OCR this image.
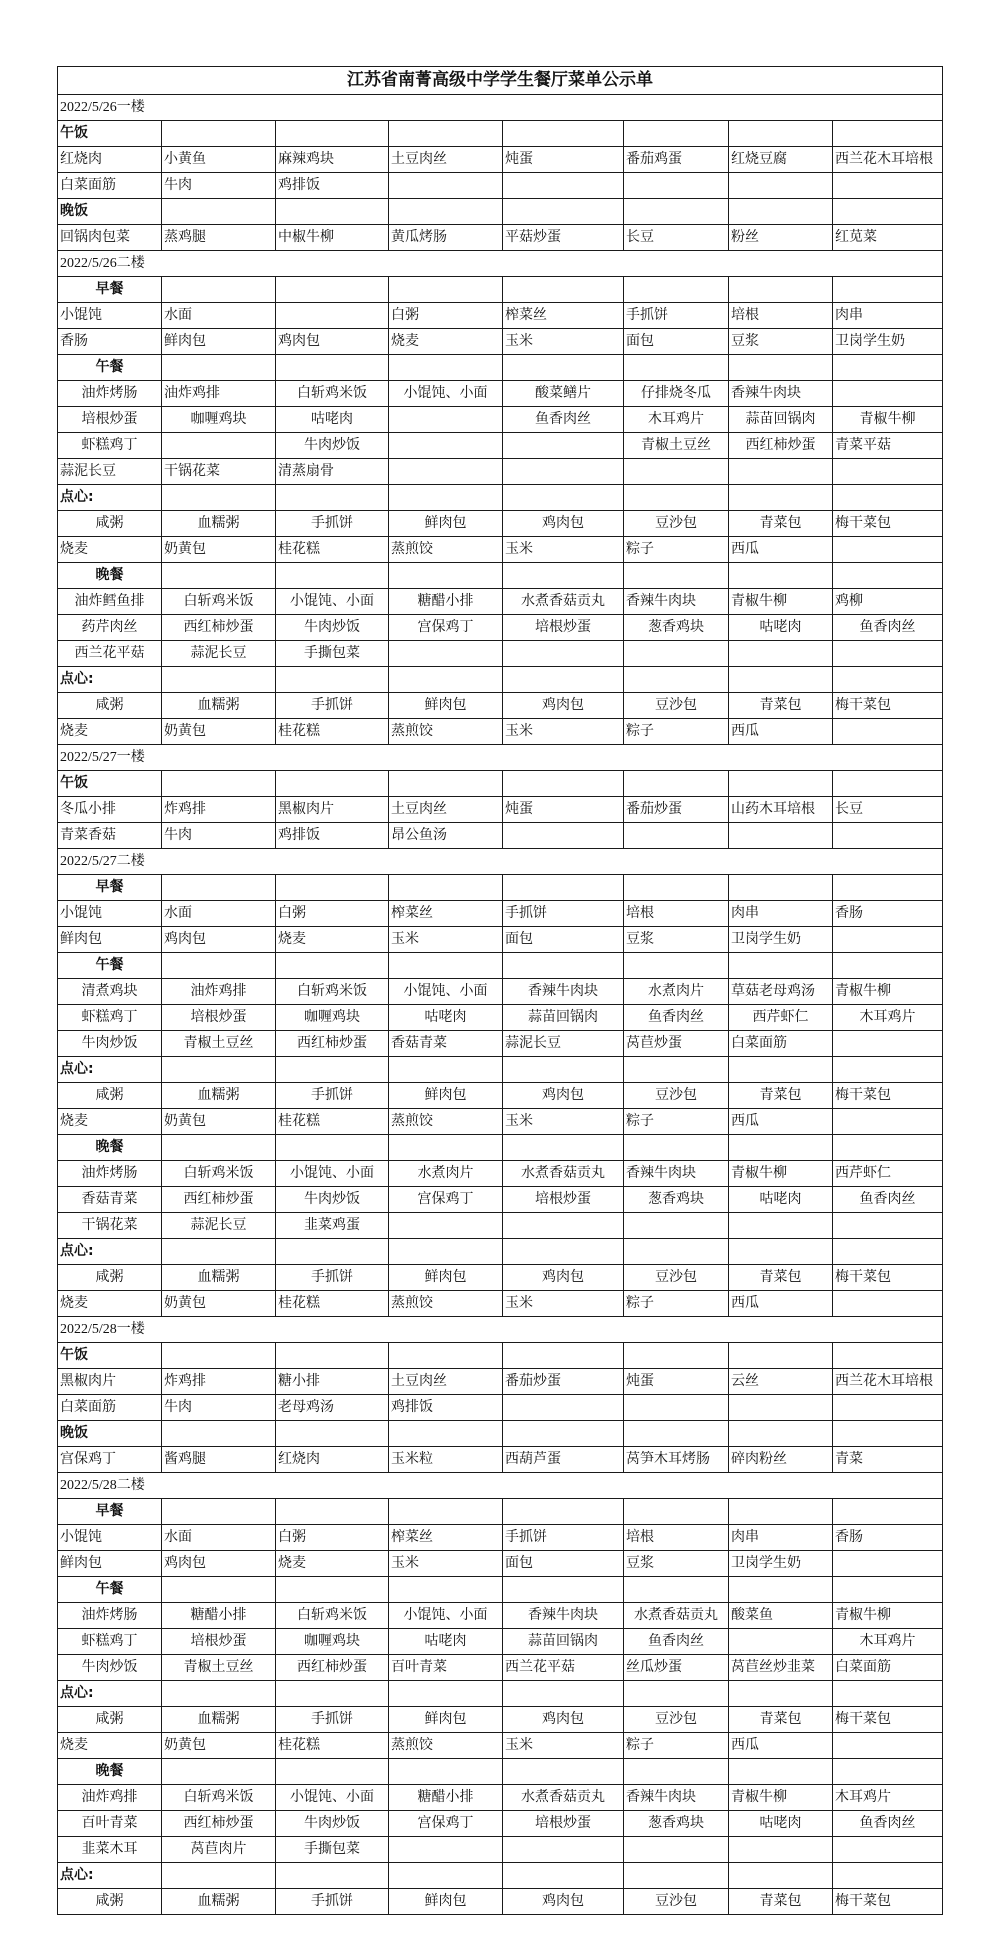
江苏省南菁高级中学学生餐厅菜单公示单							
2022/5/26一楼							
午饭							
红烧肉	小黄鱼	麻辣鸡块	土豆肉丝	炖蛋	番茄鸡蛋	红烧豆腐	西兰花木耳培根
白菜面筋	牛肉	鸡排饭					
晚饭							
回锅肉包菜	蒸鸡腿	中椒牛柳	黄瓜烤肠	平菇炒蛋	长豆	粉丝	红苋菜
2022/5/26二楼							
早餐							
小馄饨	水面		白粥	榨菜丝	手抓饼	培根	肉串
香肠	鲜肉包	鸡肉包	烧麦	玉米	面包	豆浆	卫岗学生奶
午餐							
油炸烤肠	油炸鸡排	白斩鸡米饭	小馄饨、小面	酸菜鳝片	仔排烧冬瓜	香辣牛肉块	
培根炒蛋	咖喱鸡块	咕咾肉		鱼香肉丝	木耳鸡片	蒜苗回锅肉	青椒牛柳
虾糕鸡丁		牛肉炒饭			青椒土豆丝	西红柿炒蛋	青菜平菇
蒜泥长豆	干锅花菜	清蒸扇骨					
点心:							
咸粥	血糯粥	手抓饼	鲜肉包	鸡肉包	豆沙包	青菜包	梅干菜包
烧麦	奶黄包	桂花糕	蒸煎饺	玉米	粽子	西瓜	
晚餐							
油炸鳕鱼排	白斩鸡米饭	小馄饨、小面	糖醋小排	水煮香菇贡丸	香辣牛肉块	青椒牛柳	鸡柳
药芹肉丝	西红柿炒蛋	牛肉炒饭	宫保鸡丁	培根炒蛋	葱香鸡块	咕咾肉	鱼香肉丝
西兰花平菇	蒜泥长豆	手撕包菜					
点心:							
咸粥	血糯粥	手抓饼	鲜肉包	鸡肉包	豆沙包	青菜包	梅干菜包
烧麦	奶黄包	桂花糕	蒸煎饺	玉米	粽子	西瓜	
2022/5/27一楼							
午饭							
冬瓜小排	炸鸡排	黑椒肉片	土豆肉丝	炖蛋	番茄炒蛋	山药木耳培根	长豆
青菜香菇	牛肉	鸡排饭	昂公鱼汤				
2022/5/27二楼							
早餐							
小馄饨	水面	白粥	榨菜丝	手抓饼	培根	肉串	香肠
鲜肉包	鸡肉包	烧麦	玉米	面包	豆浆	卫岗学生奶	
午餐							
清煮鸡块	油炸鸡排	白斩鸡米饭	小馄饨、小面	香辣牛肉块	水煮肉片	草菇老母鸡汤	青椒牛柳
虾糕鸡丁	培根炒蛋	咖喱鸡块	咕咾肉	蒜苗回锅肉	鱼香肉丝	西芹虾仁	木耳鸡片
牛肉炒饭	青椒土豆丝	西红柿炒蛋	香菇青菜	蒜泥长豆	莴苣炒蛋	白菜面筋	
点心:							
咸粥	血糯粥	手抓饼	鲜肉包	鸡肉包	豆沙包	青菜包	梅干菜包
烧麦	奶黄包	桂花糕	蒸煎饺	玉米	粽子	西瓜	
晚餐							
油炸烤肠	白斩鸡米饭	小馄饨、小面	水煮肉片	水煮香菇贡丸	香辣牛肉块	青椒牛柳	西芹虾仁
香菇青菜	西红柿炒蛋	牛肉炒饭	宫保鸡丁	培根炒蛋	葱香鸡块	咕咾肉	鱼香肉丝
干锅花菜	蒜泥长豆	韭菜鸡蛋					
点心:							
咸粥	血糯粥	手抓饼	鲜肉包	鸡肉包	豆沙包	青菜包	梅干菜包
烧麦	奶黄包	桂花糕	蒸煎饺	玉米	粽子	西瓜	
2022/5/28一楼							
午饭							
黑椒肉片	炸鸡排	糖小排	土豆肉丝	番茄炒蛋	炖蛋	云丝	西兰花木耳培根
白菜面筋	牛肉	老母鸡汤	鸡排饭				
晚饭							
宫保鸡丁	酱鸡腿	红烧肉	玉米粒	西葫芦蛋	莴笋木耳烤肠	碎肉粉丝	青菜
2022/5/28二楼							
早餐							
小馄饨	水面	白粥	榨菜丝	手抓饼	培根	肉串	香肠
鲜肉包	鸡肉包	烧麦	玉米	面包	豆浆	卫岗学生奶	
午餐							
油炸烤肠	糖醋小排	白斩鸡米饭	小馄饨、小面	香辣牛肉块	水煮香菇贡丸	酸菜鱼	青椒牛柳
虾糕鸡丁	培根炒蛋	咖喱鸡块	咕咾肉	蒜苗回锅肉	鱼香肉丝		木耳鸡片
牛肉炒饭	青椒土豆丝	西红柿炒蛋	百叶青菜	西兰花平菇	丝瓜炒蛋	莴苣丝炒韭菜	白菜面筋
点心:							
咸粥	血糯粥	手抓饼	鲜肉包	鸡肉包	豆沙包	青菜包	梅干菜包
烧麦	奶黄包	桂花糕	蒸煎饺	玉米	粽子	西瓜	
晚餐							
油炸鸡排	白斩鸡米饭	小馄饨、小面	糖醋小排	水煮香菇贡丸	香辣牛肉块	青椒牛柳	木耳鸡片
百叶青菜	西红柿炒蛋	牛肉炒饭	宫保鸡丁	培根炒蛋	葱香鸡块	咕咾肉	鱼香肉丝
韭菜木耳	莴苣肉片	手撕包菜					
点心:							
咸粥	血糯粥	手抓饼	鲜肉包	鸡肉包	豆沙包	青菜包	梅干菜包
